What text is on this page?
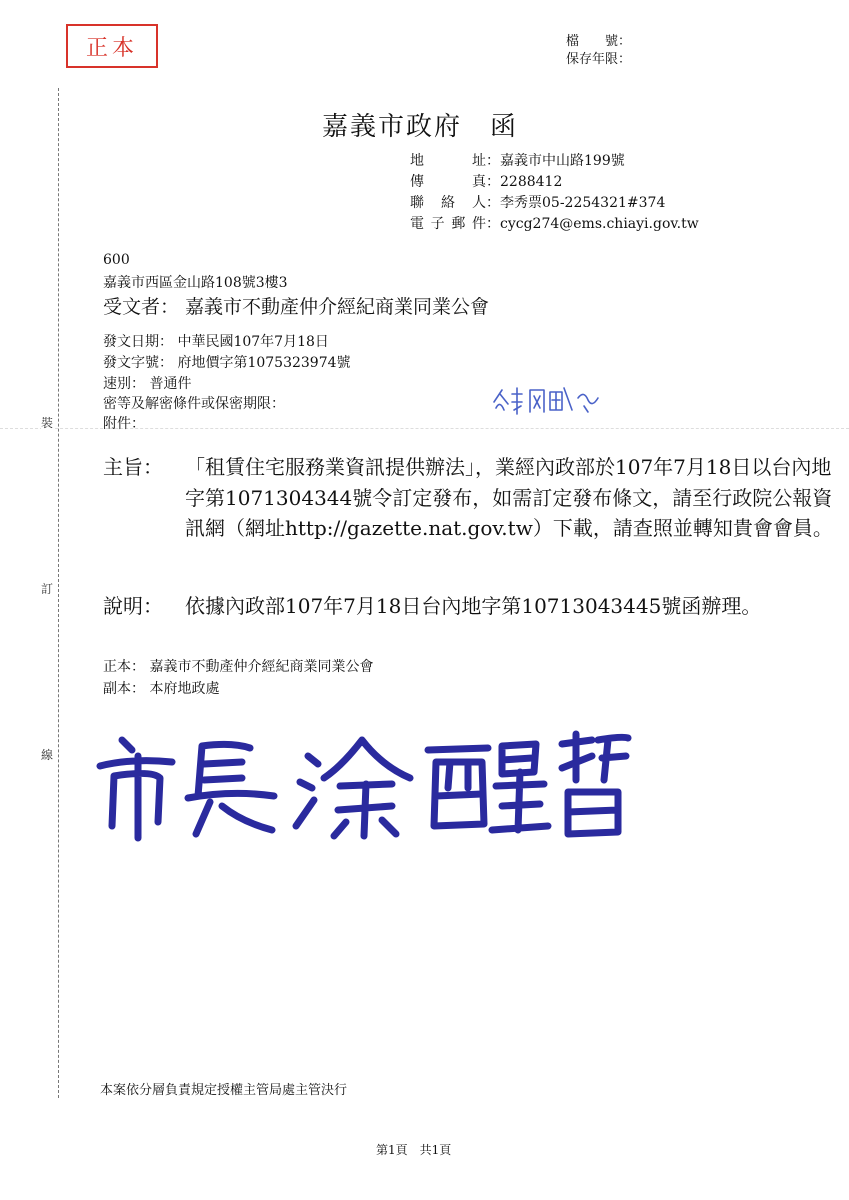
裝
訂
線
正本	檔　　號：
保存年限：
嘉義市政府　函
地　　址：嘉義市中山路199號
傳　　真：2288412
聯 絡 人：李秀票05-2254321#374
電子郵件：cycg274@ems.chiayi.gov.tw
600
嘉義市西區金山路108號3樓3
受文者： 嘉義市不動產仲介經紀商業同業公會
發文日期： 中華民國107年7月18日
發文字號： 府地價字第1075323974號
速別： 普通件
密等及解密條件或保密期限：
附件：
主旨： 「租賃住宅服務業資訊提供辦法」，業經內政部於107年7月18日以台內地字第1071304344號令訂定發布，如需訂定發布條文，請至行政院公報資訊網（網址http://gazette.nat.gov.tw）下載，請查照並轉知貴會會員。
說明： 依據內政部107年7月18日台內地字第10713043445號函辦理。
正本： 嘉義市不動產仲介經紀商業同業公會
副本： 本府地政處
本案依分層負責規定授權主管局處主管決行
第1頁　共1頁
